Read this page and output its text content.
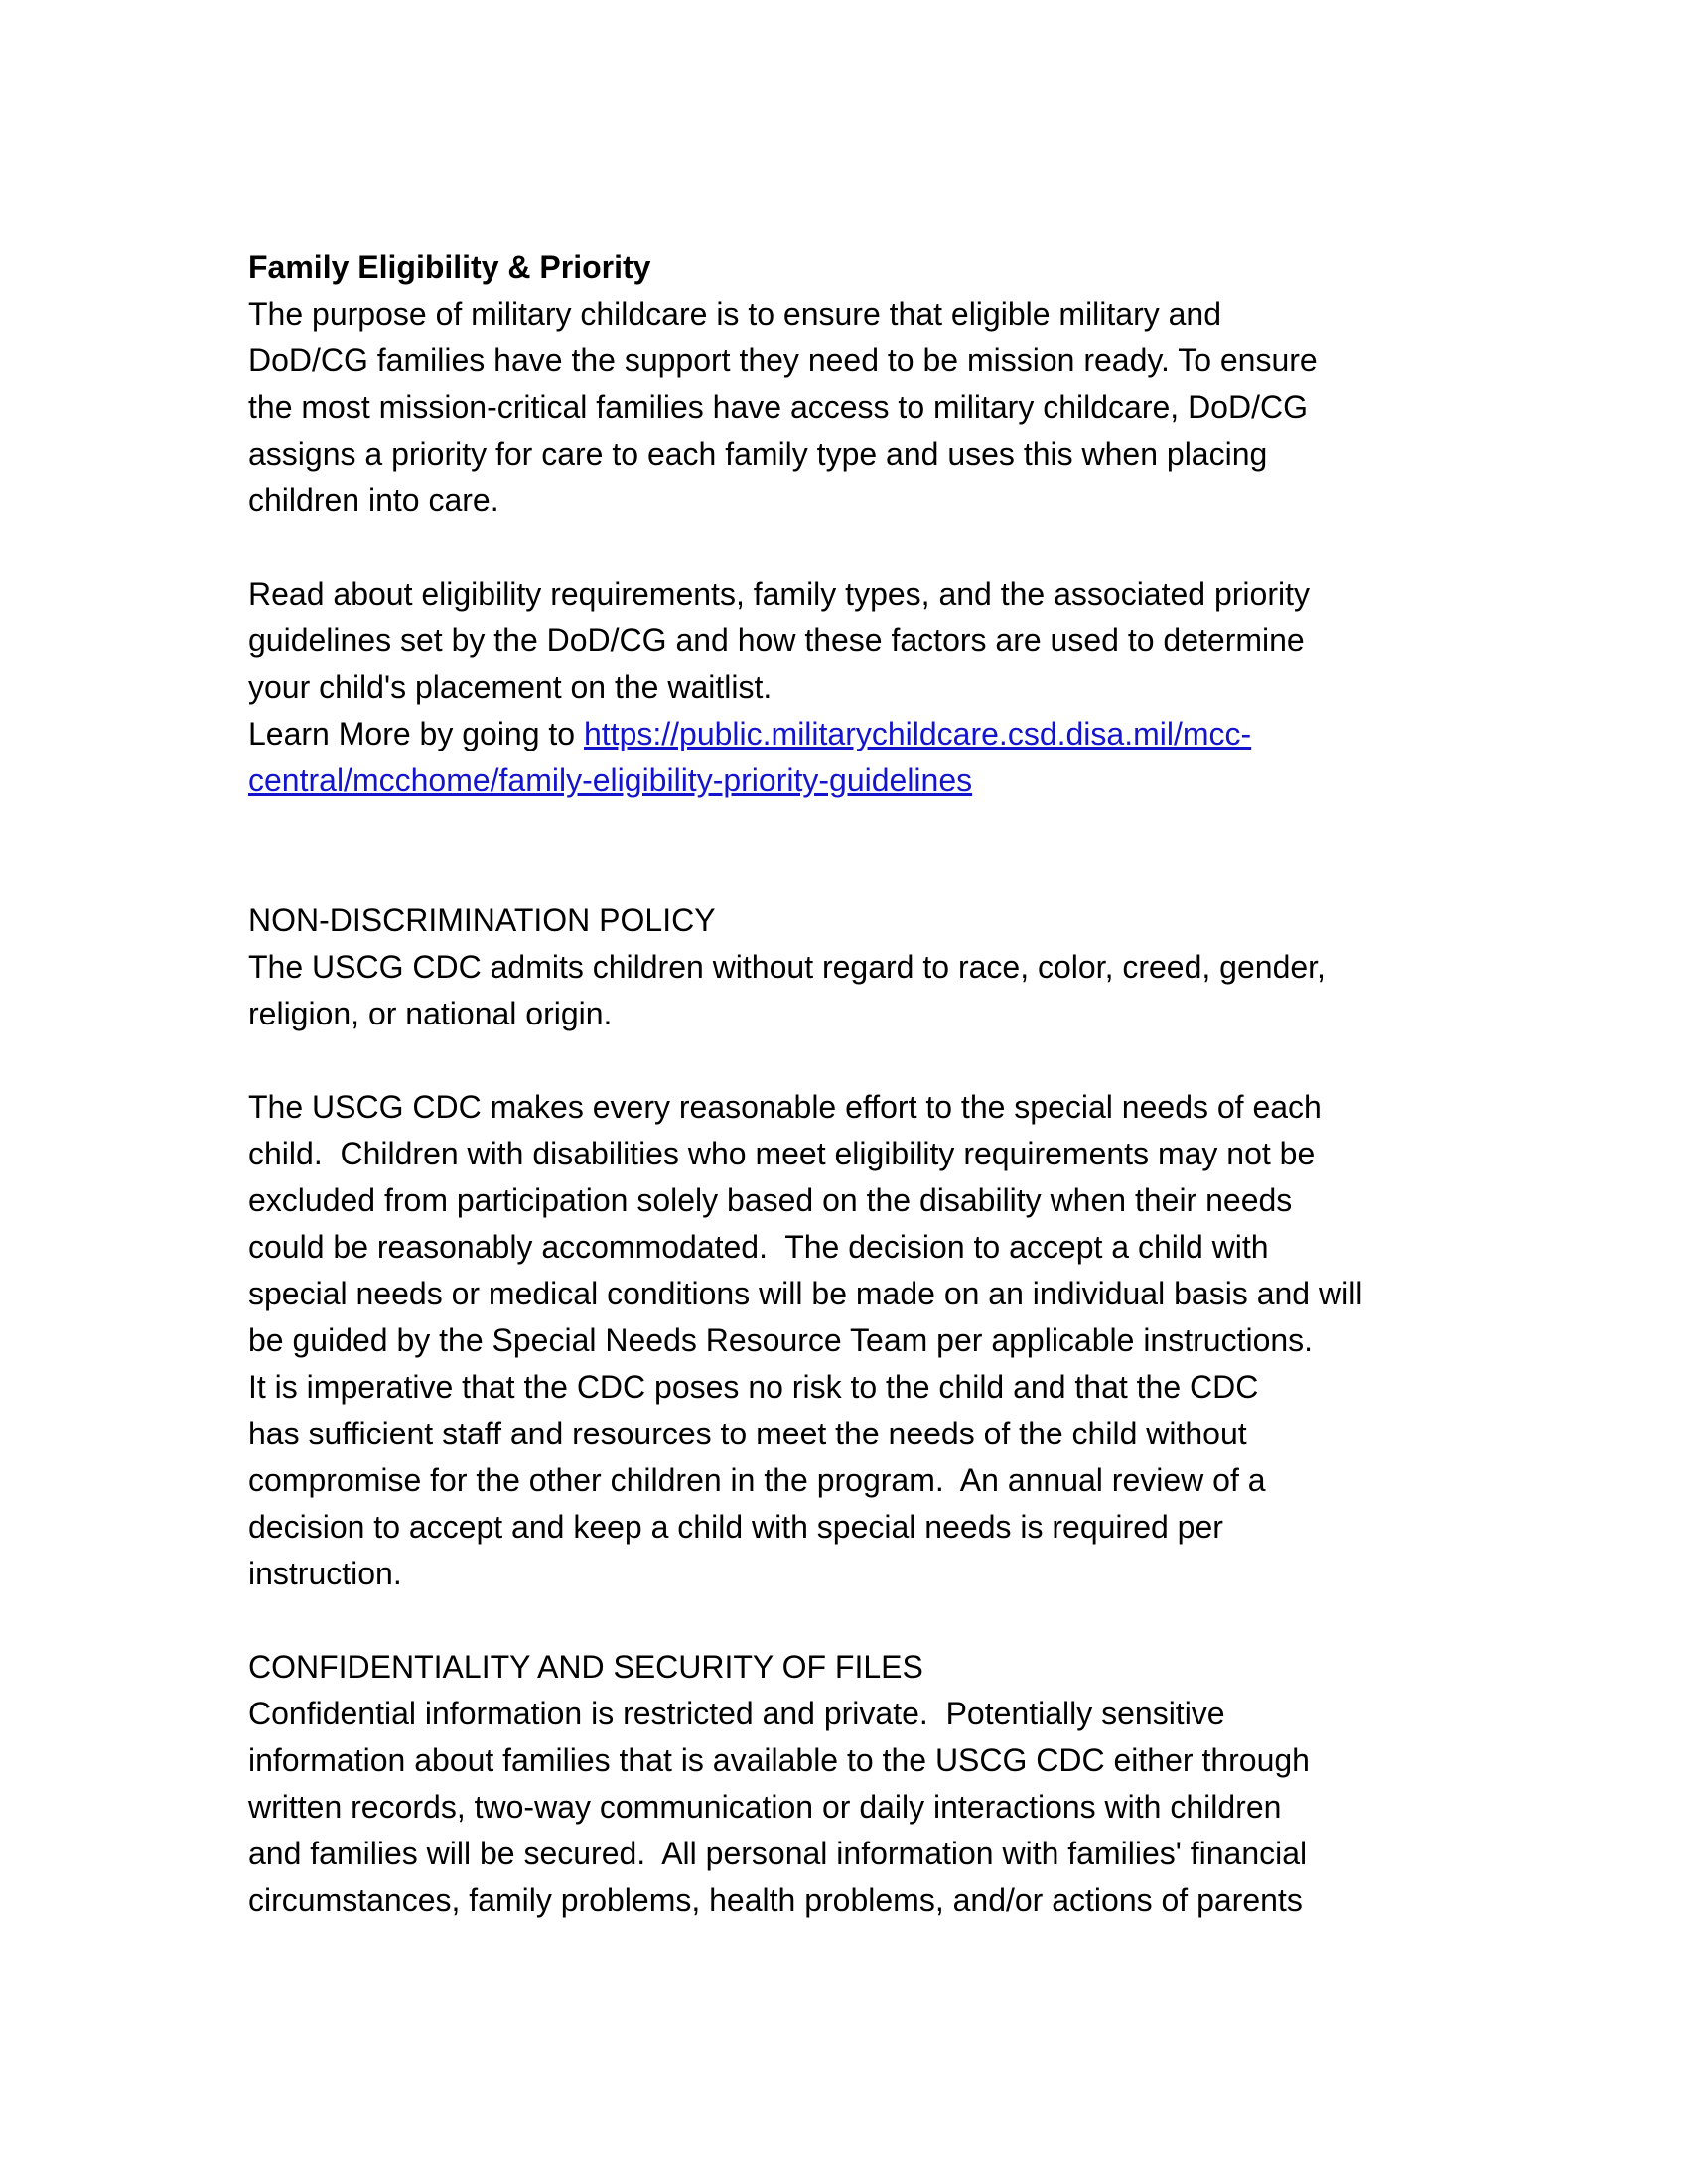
Family Eligibility & Priority
The purpose of military childcare is to ensure that eligible military and
DoD/CG families have the support they need to be mission ready. To ensure
the most mission-critical families have access to military childcare, DoD/CG
assigns a priority for care to each family type and uses this when placing
children into care.
Read about eligibility requirements, family types, and the associated priority
guidelines set by the DoD/CG and how these factors are used to determine
your child's placement on the waitlist.
Learn More by going to https://public.militarychildcare.csd.disa.mil/mcc-
central/mcchome/family-eligibility-priority-guidelines
NON-DISCRIMINATION POLICY
The USCG CDC admits children without regard to race, color, creed, gender,
religion, or national origin.
The USCG CDC makes every reasonable effort to the special needs of each
child.  Children with disabilities who meet eligibility requirements may not be
excluded from participation solely based on the disability when their needs
could be reasonably accommodated.  The decision to accept a child with
special needs or medical conditions will be made on an individual basis and will
be guided by the Special Needs Resource Team per applicable instructions.
It is imperative that the CDC poses no risk to the child and that the CDC
has sufficient staff and resources to meet the needs of the child without
compromise for the other children in the program.  An annual review of a
decision to accept and keep a child with special needs is required per
instruction.
CONFIDENTIALITY AND SECURITY OF FILES
Confidential information is restricted and private.  Potentially sensitive
information about families that is available to the USCG CDC either through
written records, two-way communication or daily interactions with children
and families will be secured.  All personal information with families' financial
circumstances, family problems, health problems, and/or actions of parents
